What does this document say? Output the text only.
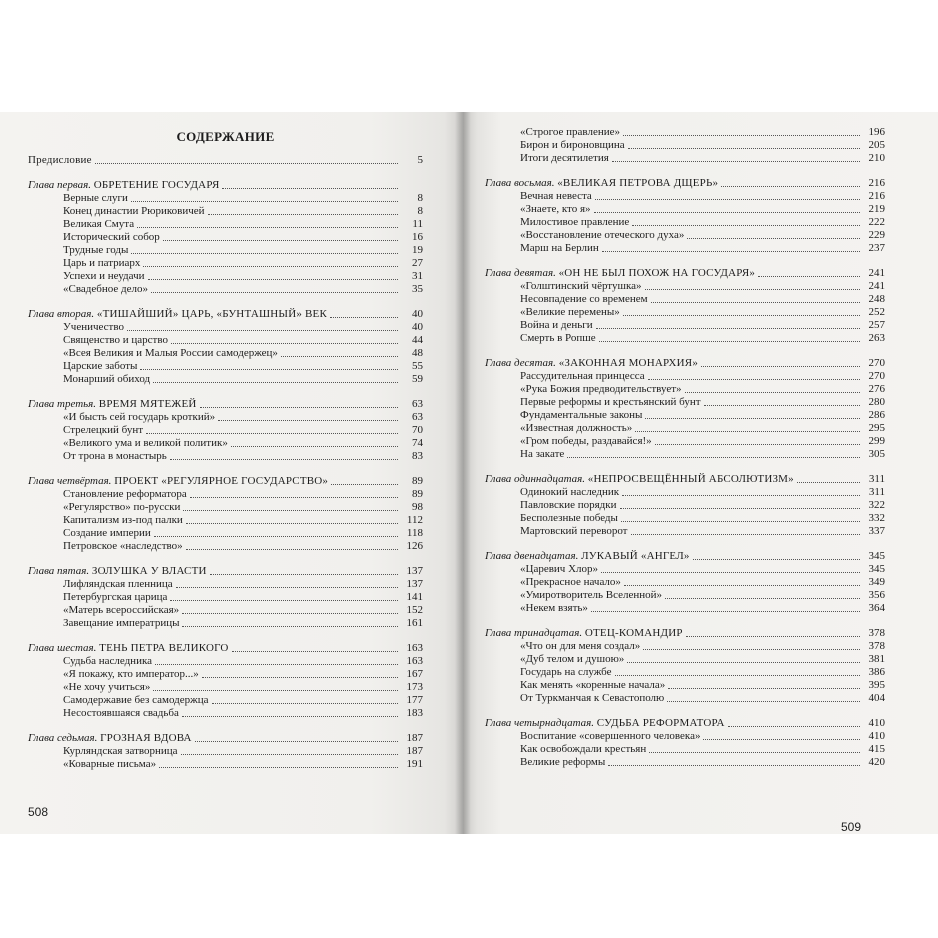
СОДЕРЖАНИЕ
Предисловие	5
Глава первая. ОБРЕТЕНИЕ ГОСУДАРЯ
Верные слуги	8
Конец династии Рюриковичей	8
Великая Смута	11
Исторический собор	16
Трудные годы	19
Царь и патриарх	27
Успехи и неудачи	31
«Свадебное дело»	35
Глава вторая. «ТИШАЙШИЙ» ЦАРЬ, «БУНТАШНЫЙ» ВЕК	40
Ученичество	40
Священство и царство	44
«Всея Великия и Малыя России самодержец»	48
Царские заботы	55
Монарший обиход	59
Глава третья. ВРЕМЯ МЯТЕЖЕЙ	63
«И бысть сей государь кроткий»	63
Стрелецкий бунт	70
«Великого ума и великой политик»	74
От трона в монастырь	83
Глава четвёртая. ПРОЕКТ «РЕГУЛЯРНОЕ ГОСУДАРСТВО»	89
Становление реформатора	89
«Регулярство» по-русски	98
Капитализм из-под палки	112
Создание империи	118
Петровское «наследство»	126
Глава пятая. ЗОЛУШКА У ВЛАСТИ	137
Лифляндская пленница	137
Петербургская царица	141
«Матерь всероссийская»	152
Завещание императрицы	161
Глава шестая. ТЕНЬ ПЕТРА ВЕЛИКОГО	163
Судьба наследника	163
«Я покажу, кто император...»	167
«Не хочу учиться»	173
Самодержавие без самодержца	177
Несостоявшаяся свадьба	183
Глава седьмая. ГРОЗНАЯ ВДОВА	187
Курляндская затворница	187
«Коварные письма»	191
508
«Строгое правление»	196
Бирон и бироновщина	205
Итоги десятилетия	210
Глава восьмая. «ВЕЛИКАЯ ПЕТРОВА ДЩЕРЬ»	216
Вечная невеста	216
«Знаете, кто я»	219
Милостивое правление	222
«Восстановление отеческого духа»	229
Марш на Берлин	237
Глава девятая. «ОН НЕ БЫЛ ПОХОЖ НА ГОСУДАРЯ»	241
«Голштинский чёртушка»	241
Несовпадение со временем	248
«Великие перемены»	252
Война и деньги	257
Смерть в Ропше	263
Глава десятая. «ЗАКОННАЯ МОНАРХИЯ»	270
Рассудительная принцесса	270
«Рука Божия предводительствует»	276
Первые реформы и крестьянский бунт	280
Фундаментальные законы	286
«Известная должность»	295
«Гром победы, раздавайся!»	299
На закате	305
Глава одиннадцатая. «НЕПРОСВЕЩЁННЫЙ АБСОЛЮТИЗМ»	311
Одинокий наследник	311
Павловские порядки	322
Бесполезные победы	332
Мартовский переворот	337
Глава двенадцатая. ЛУКАВЫЙ «АНГЕЛ»	345
«Царевич Хлор»	345
«Прекрасное начало»	349
«Умиротворитель Вселенной»	356
«Некем взять»	364
Глава тринадцатая. ОТЕЦ-КОМАНДИР	378
«Что он для меня создал»	378
«Дуб телом и душою»	381
Государь на службе	386
Как менять «коренные начала»	395
От Туркманчая к Севастополю	404
Глава четырнадцатая. СУДЬБА РЕФОРМАТОРА	410
Воспитание «совершенного человека»	410
Как освобождали крестьян	415
Великие реформы	420
509
